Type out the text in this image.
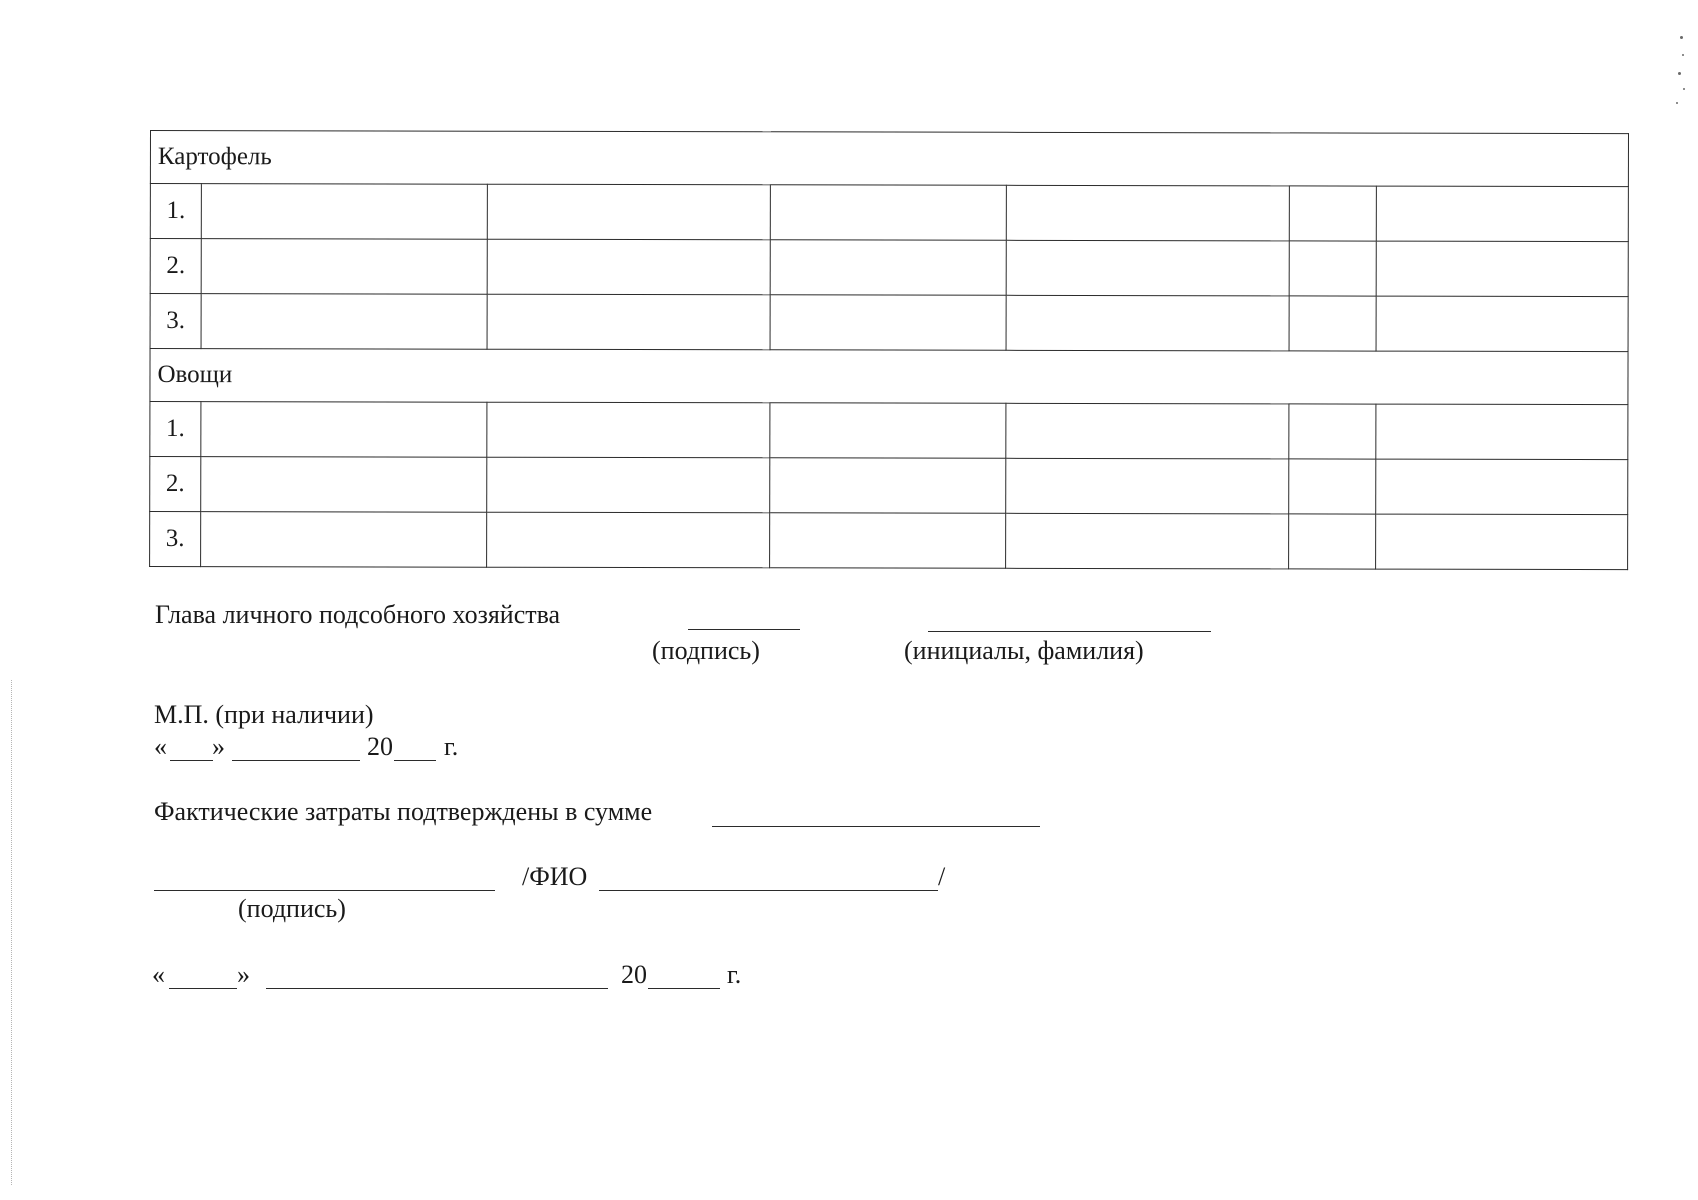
Картофель						
1.						
2.						
3.						
Овощи						
1.						
2.						
3.						
Глава личного подсобного хозяйства
(подпись)	(инициалы, фамилия)
М.П. (при наличии)
« »	20 г.
Фактические затраты подтверждены в сумме
/ФИО	/
(подпись)
«	»	20	г.
